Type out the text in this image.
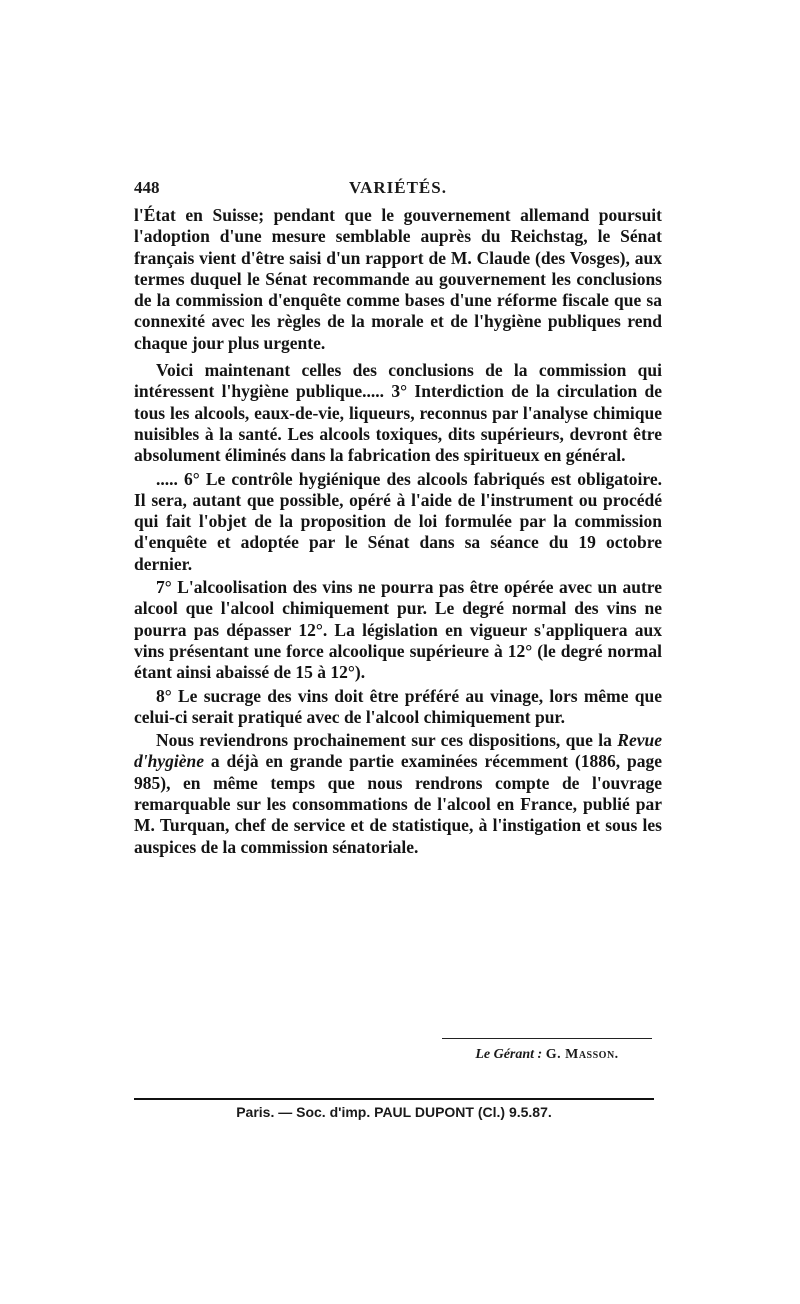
448	VARIÉTÉS.

l'État en Suisse; pendant que le gouvernement allemand poursuit l'adoption d'une mesure semblable auprès du Reichstag, le Sénat français vient d'être saisi d'un rapport de M. Claude (des Vosges), aux termes duquel le Sénat recommande au gouvernement les conclusions de la commission d'enquête comme bases d'une réforme fiscale que sa connexité avec les règles de la morale et de l'hygiène publiques rend chaque jour plus urgente.

Voici maintenant celles des conclusions de la commission qui intéressent l'hygiène publique..... 3° Interdiction de la circulation de tous les alcools, eaux-de-vie, liqueurs, reconnus par l'analyse chimique nuisibles à la santé. Les alcools toxiques, dits supérieurs, devront être absolument éliminés dans la fabrication des spiritueux en général.

..... 6° Le contrôle hygiénique des alcools fabriqués est obligatoire. Il sera, autant que possible, opéré à l'aide de l'instrument ou procédé qui fait l'objet de la proposition de loi formulée par la commission d'enquête et adoptée par le Sénat dans sa séance du 19 octobre dernier.

7° L'alcoolisation des vins ne pourra pas être opérée avec un autre alcool que l'alcool chimiquement pur. Le degré normal des vins ne pourra pas dépasser 12°. La législation en vigueur s'appliquera aux vins présentant une force alcoolique supérieure à 12° (le degré normal étant ainsi abaissé de 15 à 12°).

8° Le sucrage des vins doit être préféré au vinage, lors même que celui-ci serait pratiqué avec de l'alcool chimiquement pur.

Nous reviendrons prochainement sur ces dispositions, que la Revue d'hygiène a déjà en grande partie examinées récemment (1886, page 985), en même temps que nous rendrons compte de l'ouvrage remarquable sur les consommations de l'alcool en France, publié par M. Turquan, chef de service et de statistique, à l'instigation et sous les auspices de la commission sénatoriale.

Le Gérant : G. Masson.
Paris. — Soc. d'imp. PAUL DUPONT (Cl.) 9.5.87.
